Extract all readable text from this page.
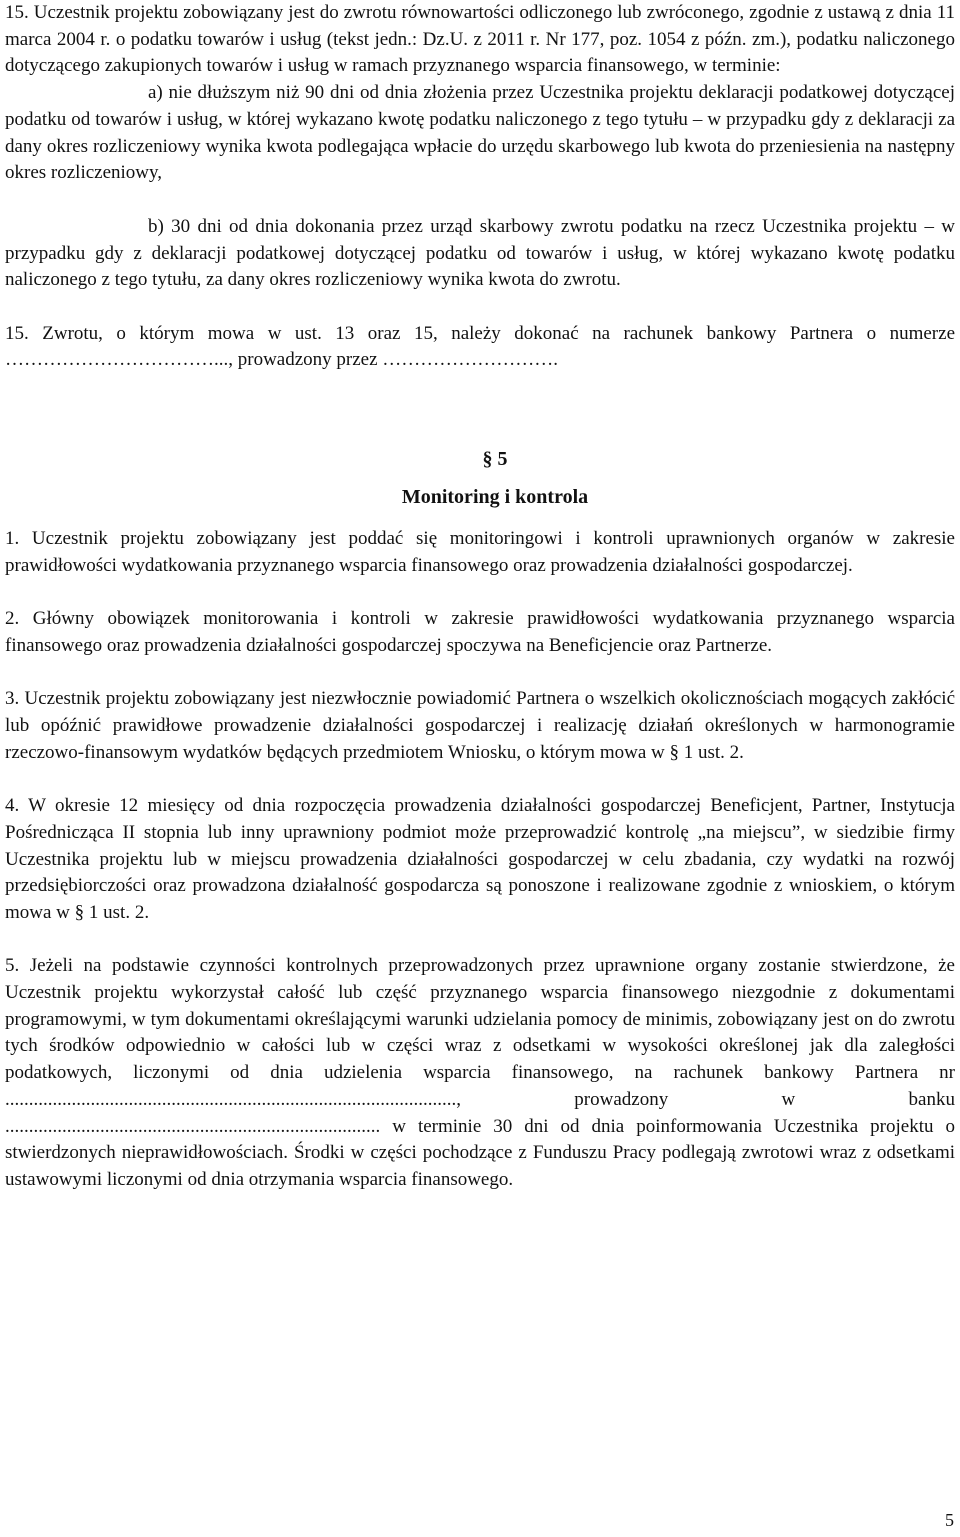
15. Uczestnik projektu zobowiązany jest do zwrotu równowartości odliczonego lub zwróconego, zgodnie z ustawą z dnia 11 marca 2004 r. o podatku towarów i usług (tekst jedn.: Dz.U. z 2011 r. Nr 177, poz. 1054 z późn. zm.), podatku naliczonego dotyczącego zakupionych towarów i usług w ramach przyznanego wsparcia finansowego, w terminie:

a) nie dłuższym niż 90 dni od dnia złożenia przez Uczestnika projektu deklaracji podatkowej dotyczącej podatku od towarów i usług, w której wykazano kwotę podatku naliczonego z tego tytułu – w przypadku gdy z deklaracji za dany okres rozliczeniowy wynika kwota podlegająca wpłacie do urzędu skarbowego lub kwota do przeniesienia na następny okres rozliczeniowy,

b) 30 dni od dnia dokonania przez urząd skarbowy zwrotu podatku na rzecz Uczestnika projektu – w przypadku gdy z deklaracji podatkowej dotyczącej podatku od towarów i usług, w której wykazano kwotę podatku naliczonego z tego tytułu, za dany okres rozliczeniowy wynika kwota do zwrotu.

15. Zwrotu, o którym mowa w ust. 13 oraz 15, należy dokonać na rachunek bankowy Partnera o numerze ……………………………..., prowadzony przez ……………………….

§ 5
Monitoring i kontrola

1. Uczestnik projektu zobowiązany jest poddać się monitoringowi i kontroli uprawnionych organów w zakresie prawidłowości wydatkowania przyznanego wsparcia finansowego oraz prowadzenia działalności gospodarczej.

2. Główny obowiązek monitorowania i kontroli w zakresie prawidłowości wydatkowania przyznanego wsparcia finansowego oraz prowadzenia działalności gospodarczej spoczywa na Beneficjencie oraz Partnerze.

3. Uczestnik projektu zobowiązany jest niezwłocznie powiadomić Partnera o wszelkich okolicznościach mogących zakłócić lub opóźnić prawidłowe prowadzenie działalności gospodarczej i realizację działań określonych w harmonogramie rzeczowo-finansowym wydatków będących przedmiotem Wniosku, o którym mowa w § 1 ust. 2.

4. W okresie 12 miesięcy od dnia rozpoczęcia prowadzenia działalności gospodarczej Beneficjent, Partner, Instytucja Pośrednicząca II stopnia lub inny uprawniony podmiot może przeprowadzić kontrolę „na miejscu”, w siedzibie firmy Uczestnika projektu lub w miejscu prowadzenia działalności gospodarczej w celu zbadania, czy wydatki na rozwój przedsiębiorczości oraz prowadzona działalność gospodarcza są ponoszone i realizowane zgodnie z wnioskiem, o którym mowa w § 1 ust. 2.

5. Jeżeli na podstawie czynności kontrolnych przeprowadzonych przez uprawnione organy zostanie stwierdzone, że Uczestnik projektu wykorzystał całość lub część przyznanego wsparcia finansowego niezgodnie z dokumentami programowymi, w tym dokumentami określającymi warunki udzielania pomocy de minimis, zobowiązany jest on do zwrotu tych środków odpowiednio w całości lub w części wraz z odsetkami w wysokości określonej jak dla zaległości podatkowych, liczonymi od dnia udzielenia wsparcia finansowego, na rachunek bankowy Partnera nr ..............................................................................................., prowadzony w banku ............................................................................... w terminie 30 dni od dnia poinformowania Uczestnika projektu o stwierdzonych nieprawidłowościach. Środki w części pochodzące z Funduszu Pracy podlegają zwrotowi wraz z odsetkami ustawowymi liczonymi od dnia otrzymania wsparcia finansowego.

5
